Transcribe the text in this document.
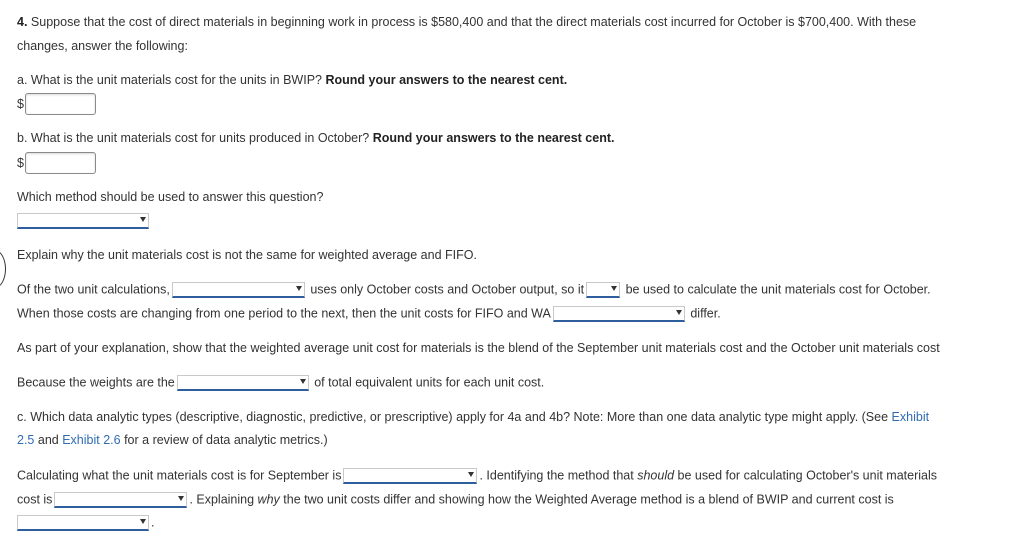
4. Suppose that the cost of direct materials in beginning work in process is $580,400 and that the direct materials cost incurred for October is $700,400. With these
changes, answer the following:
a. What is the unit materials cost for the units in BWIP? Round your answers to the nearest cent.
$
b. What is the unit materials cost for units produced in October? Round your answers to the nearest cent.
$
Which method should be used to answer this question?
Explain why the unit materials cost is not the same for weighted average and FIFO.
Of the two unit calculations,	uses only October costs and October output, so it	be used to calculate the unit materials cost for October.
When those costs are changing from one period to the next, then the unit costs for FIFO and WA	differ.
As part of your explanation, show that the weighted average unit cost for materials is the blend of the September unit materials cost and the October unit materials cost
Because the weights are the	of total equivalent units for each unit cost.
c. Which data analytic types (descriptive, diagnostic, predictive, or prescriptive) apply for 4a and 4b? Note: More than one data analytic type might apply. (See Exhibit
2.5 and Exhibit 2.6 for a review of data analytic metrics.)
Calculating what the unit materials cost is for September is	. Identifying the method that should be used for calculating October's unit materials
cost is	. Explaining why the two unit costs differ and showing how the Weighted Average method is a blend of BWIP and current cost is
.
